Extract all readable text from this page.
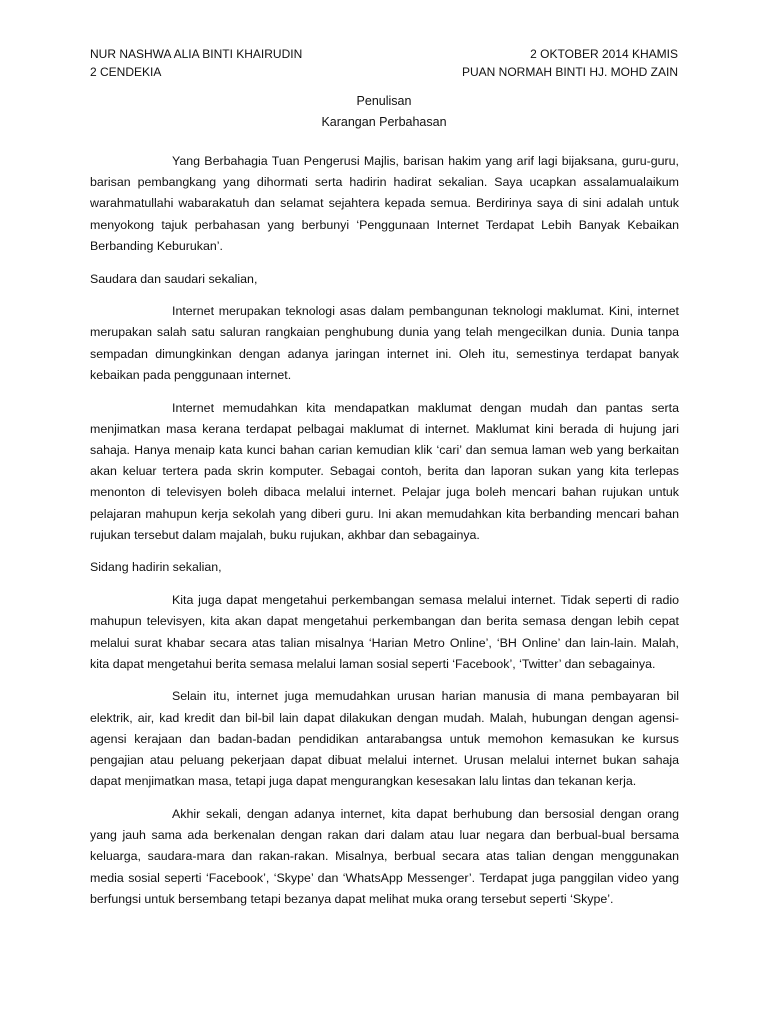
NUR NASHWA ALIA BINTI KHAIRUDIN	2 OKTOBER 2014 KHAMIS
2 CENDEKIA	PUAN NORMAH BINTI HJ. MOHD ZAIN
Penulisan
Karangan Perbahasan

Yang Berbahagia Tuan Pengerusi Majlis, barisan hakim yang arif lagi bijaksana, guru-guru, barisan pembangkang yang dihormati serta hadirin hadirat sekalian. Saya ucapkan assalamualaikum warahmatullahi wabarakatuh dan selamat sejahtera kepada semua. Berdirinya saya di sini adalah untuk menyokong tajuk perbahasan yang berbunyi ‘Penggunaan Internet Terdapat Lebih Banyak Kebaikan Berbanding Keburukan’.

Saudara dan saudari sekalian,

Internet merupakan teknologi asas dalam pembangunan teknologi maklumat. Kini, internet merupakan salah satu saluran rangkaian penghubung dunia yang telah mengecilkan dunia. Dunia tanpa sempadan dimungkinkan dengan adanya jaringan internet ini. Oleh itu, semestinya terdapat banyak kebaikan pada penggunaan internet.

Internet memudahkan kita mendapatkan maklumat dengan mudah dan pantas serta menjimatkan masa kerana terdapat pelbagai maklumat di internet. Maklumat kini berada di hujung jari sahaja. Hanya menaip kata kunci bahan carian kemudian klik ‘cari’ dan semua laman web yang berkaitan akan keluar tertera pada skrin komputer. Sebagai contoh, berita dan laporan sukan yang kita terlepas menonton di televisyen boleh dibaca melalui internet. Pelajar juga boleh mencari bahan rujukan untuk pelajaran mahupun kerja sekolah yang diberi guru. Ini akan memudahkan kita berbanding mencari bahan rujukan tersebut dalam majalah, buku rujukan, akhbar dan sebagainya.

Sidang hadirin sekalian,

Kita juga dapat mengetahui perkembangan semasa melalui internet. Tidak seperti di radio mahupun televisyen, kita akan dapat mengetahui perkembangan dan berita semasa dengan lebih cepat melalui surat khabar secara atas talian misalnya ‘Harian Metro Online’, ‘BH Online’ dan lain-lain. Malah, kita dapat mengetahui berita semasa melalui laman sosial seperti ‘Facebook’, ‘Twitter’ dan sebagainya.

Selain itu, internet juga memudahkan urusan harian manusia di mana pembayaran bil elektrik, air, kad kredit dan bil-bil lain dapat dilakukan dengan mudah. Malah, hubungan dengan agensi-agensi kerajaan dan badan-badan pendidikan antarabangsa untuk memohon kemasukan ke kursus pengajian atau peluang pekerjaan dapat dibuat melalui internet. Urusan melalui internet bukan sahaja dapat menjimatkan masa, tetapi juga dapat mengurangkan kesesakan lalu lintas dan tekanan kerja.

Akhir sekali, dengan adanya internet, kita dapat berhubung dan bersosial dengan orang yang jauh sama ada berkenalan dengan rakan dari dalam atau luar negara dan berbual-bual bersama keluarga, saudara-mara dan rakan-rakan. Misalnya, berbual secara atas talian dengan menggunakan media sosial seperti ‘Facebook’, ‘Skype’ dan ‘WhatsApp Messenger’. Terdapat juga panggilan video yang berfungsi untuk bersembang tetapi bezanya dapat melihat muka orang tersebut seperti ‘Skype’.
